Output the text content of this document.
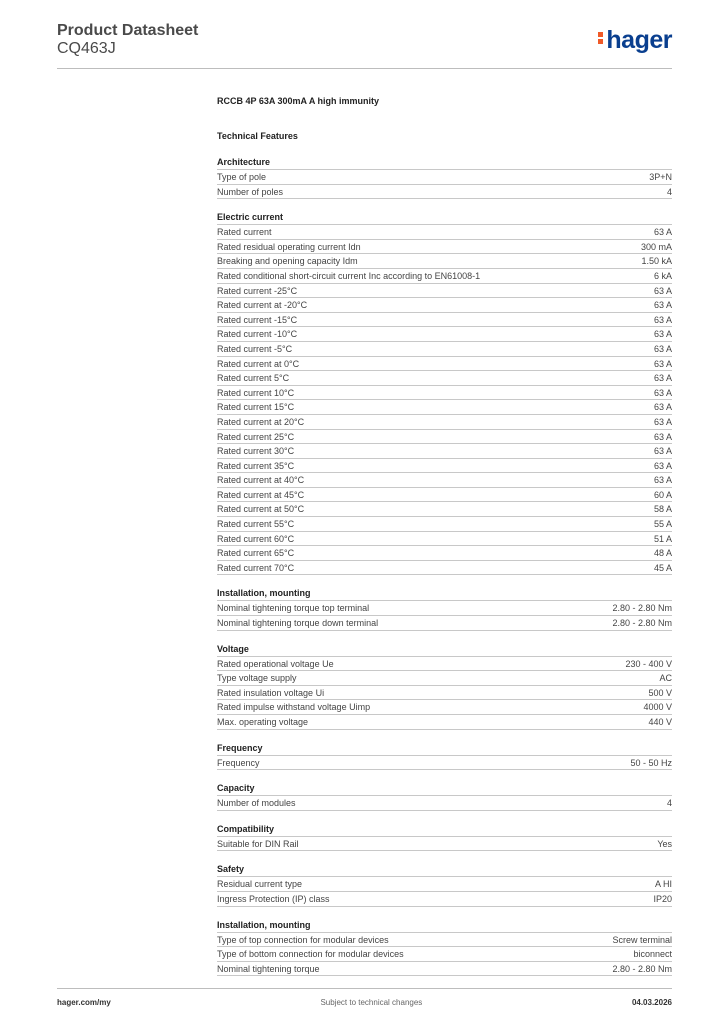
Product Datasheet
CQ463J	hager
RCCB 4P 63A 300mA A high immunity
Technical Features
Architecture
Type of pole	3P+N
Number of poles	4
Electric current
Rated current	63 A
Rated residual operating current Idn	300 mA
Breaking and opening capacity Idm	1.50 kA
Rated conditional short-circuit current Inc according to EN61008-1	6 kA
Rated current -25°C	63 A
Rated current at -20°C	63 A
Rated current -15°C	63 A
Rated current -10°C	63 A
Rated current -5°C	63 A
Rated current at 0°C	63 A
Rated current 5°C	63 A
Rated current 10°C	63 A
Rated current 15°C	63 A
Rated current at 20°C	63 A
Rated current 25°C	63 A
Rated current 30°C	63 A
Rated current 35°C	63 A
Rated current at 40°C	63 A
Rated current at 45°C	60 A
Rated current at 50°C	58 A
Rated current 55°C	55 A
Rated current 60°C	51 A
Rated current 65°C	48 A
Rated current 70°C	45 A
Installation, mounting
Nominal tightening torque top terminal	2.80 - 2.80 Nm
Nominal tightening torque down terminal	2.80 - 2.80 Nm
Voltage
Rated operational voltage Ue	230 - 400 V
Type voltage supply	AC
Rated insulation voltage Ui	500 V
Rated impulse withstand voltage Uimp	4000 V
Max. operating voltage	440 V
Frequency
Frequency	50 - 50 Hz
Capacity
Number of modules	4
Compatibility
Suitable for DIN Rail	Yes
Safety
Residual current type	A HI
Ingress Protection (IP) class	IP20
Installation, mounting
Type of top connection for modular devices	Screw terminal
Type of bottom connection for modular devices	biconnect
Nominal tightening torque	2.80 - 2.80 Nm
hager.com/my	Subject to technical changes	04.03.2026
